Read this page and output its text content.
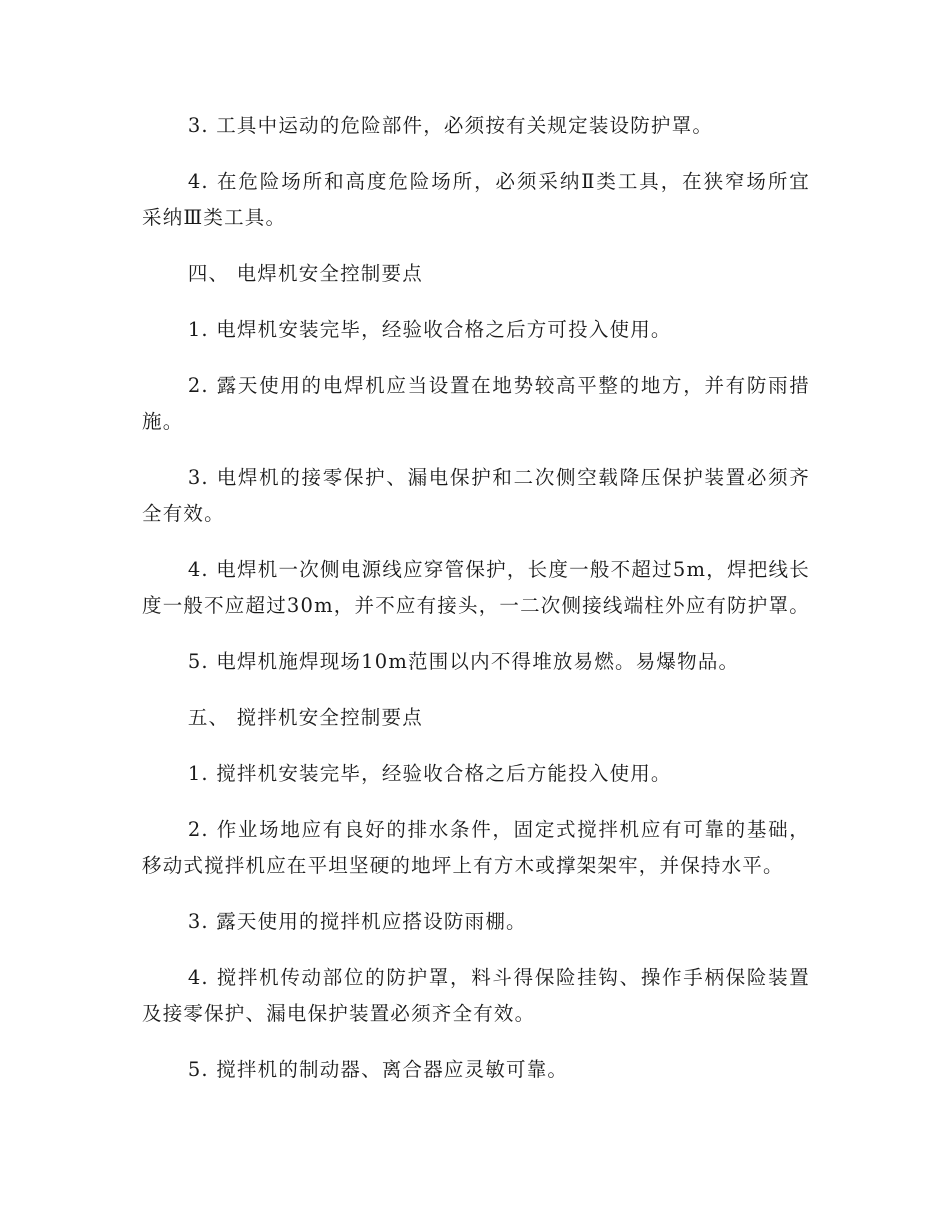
3. 工具中运动的危险部件，必须按有关规定装设防护罩。

4. 在危险场所和高度危险场所，必须采纳Ⅱ类工具，在狭窄场所宜采纳Ⅲ类工具。

四、 电焊机安全控制要点

1. 电焊机安装完毕，经验收合格之后方可投入使用。

2. 露天使用的电焊机应当设置在地势较高平整的地方，并有防雨措施。

3. 电焊机的接零保护、漏电保护和二次侧空载降压保护装置必须齐全有效。

4. 电焊机一次侧电源线应穿管保护，长度一般不超过5m，焊把线长度一般不应超过30m，并不应有接头，一二次侧接线端柱外应有防护罩。

5. 电焊机施焊现场10m范围以内不得堆放易燃。易爆物品。

五、 搅拌机安全控制要点

1. 搅拌机安装完毕，经验收合格之后方能投入使用。

2. 作业场地应有良好的排水条件，固定式搅拌机应有可靠的基础，移动式搅拌机应在平坦坚硬的地坪上有方木或撑架架牢，并保持水平。

3. 露天使用的搅拌机应搭设防雨棚。

4. 搅拌机传动部位的防护罩，料斗得保险挂钩、操作手柄保险装置及接零保护、漏电保护装置必须齐全有效。

5. 搅拌机的制动器、离合器应灵敏可靠。
